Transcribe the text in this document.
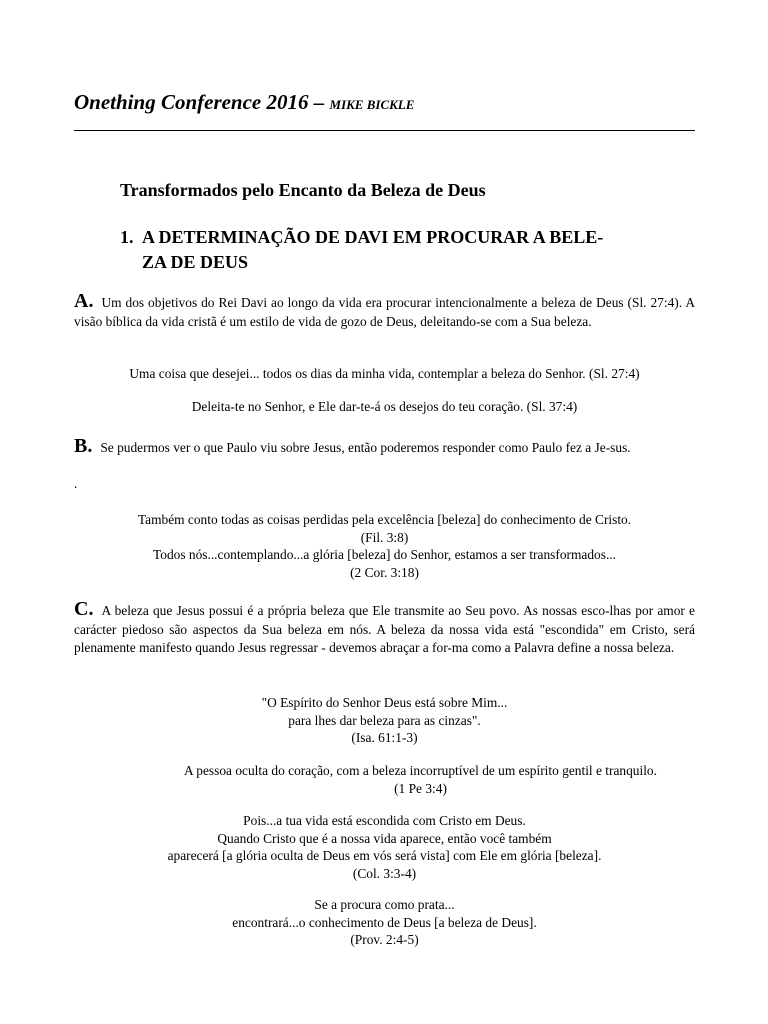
Onething Conference 2016 – MIKE BICKLE
Transformados pelo Encanto da Beleza de Deus
1. A DETERMINAÇÃO DE DAVI EM PROCURAR A BELE-
ZA DE DEUS
A. Um dos objetivos do Rei Davi ao longo da vida era procurar intencionalmente a beleza de Deus (Sl. 27:4). A visão bíblica da vida cristã é um estilo de vida de gozo de Deus, deleitando-se com a Sua beleza.
Uma coisa que desejei... todos os dias da minha vida, contemplar a beleza do Senhor. (Sl. 27:4)
Deleita-te no Senhor, e Ele dar-te-á os desejos do teu coração. (Sl. 37:4)
B. Se pudermos ver o que Paulo viu sobre Jesus, então poderemos responder como Paulo fez a Je-sus.
.
Também conto todas as coisas perdidas pela excelência [beleza] do conhecimento de Cristo.
(Fil. 3:8)
Todos nós...contemplando...a glória [beleza] do Senhor, estamos a ser transformados...
(2 Cor. 3:18)
C. A beleza que Jesus possui é a própria beleza que Ele transmite ao Seu povo. As nossas esco-lhas por amor e carácter piedoso são aspectos da Sua beleza em nós. A beleza da nossa vida está "escondida" em Cristo, será plenamente manifesto quando Jesus regressar - devemos abraçar a for-ma como a Palavra define a nossa beleza.
"O Espírito do Senhor Deus está sobre Mim...
para lhes dar beleza para as cinzas".
(Isa. 61:1-3)
A pessoa oculta do coração, com a beleza incorruptível de um espírito gentil e tranquilo.
(1 Pe 3:4)
Pois...a tua vida está escondida com Cristo em Deus.
Quando Cristo que é a nossa vida aparece, então você também
aparecerá [a glória oculta de Deus em vós será vista] com Ele em glória [beleza].
(Col. 3:3-4)
Se a procura como prata...
encontrará...o conhecimento de Deus [a beleza de Deus].
(Prov. 2:4-5)
